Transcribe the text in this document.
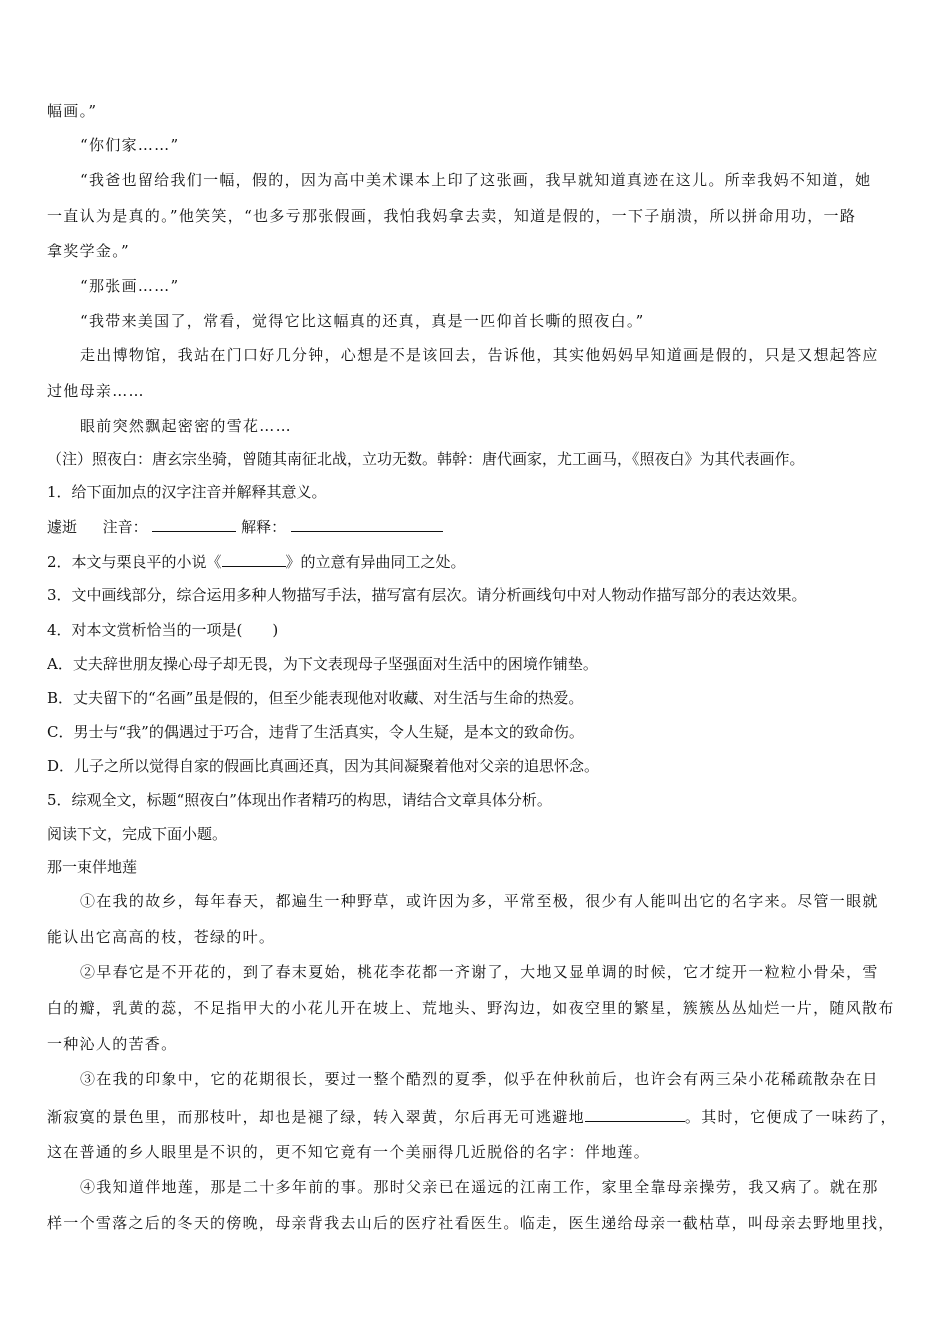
幅画。”
“你们家……”
“我爸也留给我们一幅，假的，因为高中美术课本上印了这张画，我早就知道真迹在这儿。所幸我妈不知道，她
一直认为是真的。”他笑笑，“也多亏那张假画，我怕我妈拿去卖，知道是假的，一下子崩溃，所以拼命用功，一路
拿奖学金。”
“那张画……”
“我带来美国了，常看，觉得它比这幅真的还真，真是一匹仰首长嘶的照夜白。”
走出博物馆，我站在门口好几分钟，心想是不是该回去，告诉他，其实他妈妈早知道画是假的，只是又想起答应
过他母亲……
眼前突然飘起密密的雪花……
（注）照夜白：唐玄宗坐骑，曾随其南征北战，立功无数。韩幹：唐代画家，尤工画马，《照夜白》为其代表画作。
1．给下面加点的汉字注音并解释其意义。
遽逝 注音：	解释：
2．本文与栗良平的小说《	》的立意有异曲同工之处。
3．文中画线部分，综合运用多种人物描写手法，描写富有层次。请分析画线句中对人物动作描写部分的表达效果。
4．对本文赏析恰当的一项是(　　)
A．丈夫辞世朋友操心母子却无畏，为下文表现母子坚强面对生活中的困境作铺垫。
B．丈夫留下的“名画”虽是假的，但至少能表现他对收藏、对生活与生命的热爱。
C．男士与“我”的偶遇过于巧合，违背了生活真实，令人生疑，是本文的致命伤。
D．儿子之所以觉得自家的假画比真画还真，因为其间凝聚着他对父亲的追思怀念。
5．综观全文，标题“照夜白”体现出作者精巧的构思，请结合文章具体分析。
阅读下文，完成下面小题。
那一束伴地莲
①在我的故乡，每年春天，都遍生一种野草，或许因为多，平常至极，很少有人能叫出它的名字来。尽管一眼就
能认出它高高的枝，苍绿的叶。
②早春它是不开花的，到了春末夏始，桃花李花都一齐谢了，大地又显单调的时候，它才绽开一粒粒小骨朵，雪
白的瓣，乳黄的蕊，不足指甲大的小花儿开在坡上、荒地头、野沟边，如夜空里的繁星，簇簇丛丛灿烂一片，随风散布
一种沁人的苦香。
③在我的印象中，它的花期很长，要过一整个酷烈的夏季，似乎在仲秋前后，也许会有两三朵小花稀疏散杂在日
渐寂寞的景色里，而那枝叶，却也是褪了绿，转入翠黄，尔后再无可逃避地	。其时，它便成了一味药了，
这在普通的乡人眼里是不识的，更不知它竟有一个美丽得几近脱俗的名字：伴地莲。
④我知道伴地莲，那是二十多年前的事。那时父亲已在遥远的江南工作，家里全靠母亲操劳，我又病了。就在那
样一个雪落之后的冬天的傍晚，母亲背我去山后的医疗社看医生。临走，医生递给母亲一截枯草，叫母亲去野地里找，
